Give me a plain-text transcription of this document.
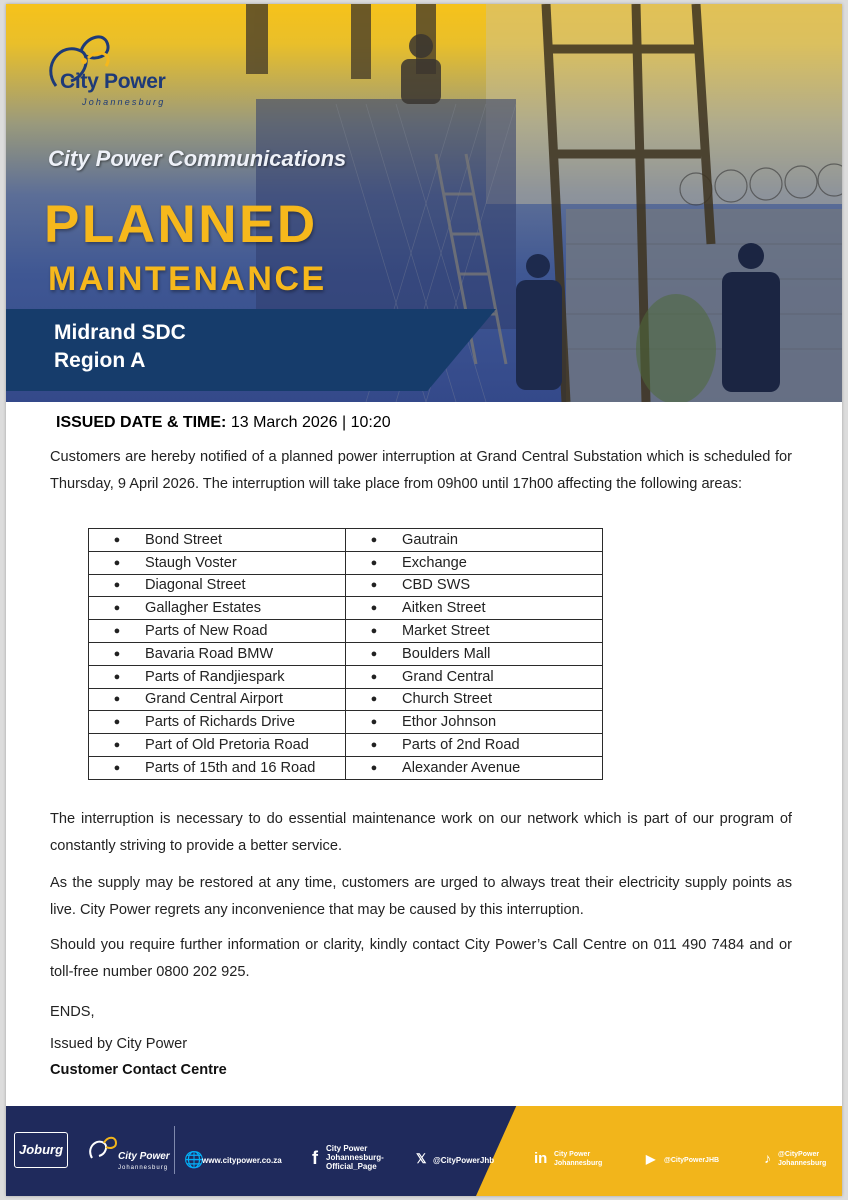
City Power
Johannesburg
City Power Communications
PLANNED
MAINTENANCE
Midrand SDC
Region A
ISSUED DATE & TIME: 13 March 2026 | 10:20
Customers are hereby notified of a planned power interruption at Grand Central Substation which is scheduled for Thursday, 9 April 2026. The interruption will take place from 09h00 until 17h00 affecting the following areas:
● Bond Street	● Gautrain

● Staugh Voster	● Exchange

● Diagonal Street	● CBD SWS

● Gallagher Estates	● Aitken Street

● Parts of New Road	● Market Street

● Bavaria Road BMW	● Boulders Mall

● Parts of Randjiespark	● Grand Central

● Grand Central Airport	● Church Street

● Parts of Richards Drive	● Ethor Johnson

● Part of Old Pretoria Road	● Parts of 2nd Road

● Parts of 15th and 16 Road	● Alexander Avenue
The interruption is necessary to do essential maintenance work on our network which is part of our program of constantly striving to provide a better service.
As the supply may be restored at any time, customers are urged to always treat their electricity supply points as live. City Power regrets any inconvenience that may be caused by this interruption.
Should you require further information or clarity, kindly contact City Power’s Call Centre on 011 490 7484 and or toll-free number 0800 202 925.
ENDS,
Issued by City Power
Customer Contact Centre
Joburg	City Power
Johannesburg 🌐
www.citypower.co.za f City Power
Johannesburg-
Official_Page
𝕏 @CityPowerJhb	in City Power
Johannesburg	▶ @CityPowerJHB	♪ @CityPower
Johannesburg
